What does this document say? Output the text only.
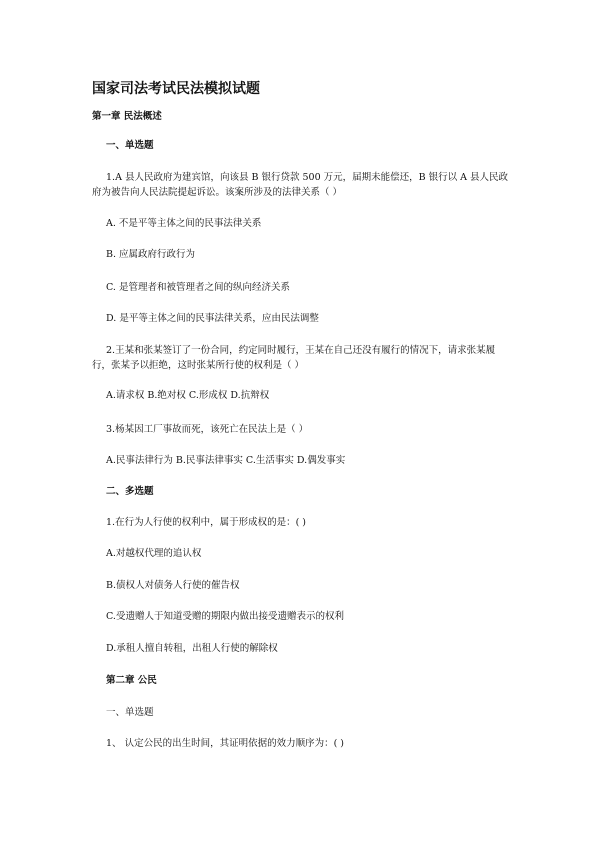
国家司法考试民法模拟试题
第一章 民法概述
一、单选题
1.A 县人民政府为建宾馆，向该县 B 银行贷款 500 万元，届期未能偿还，B 银行以 A 县人民政府为被告向人民法院提起诉讼。该案所涉及的法律关系（ ）
A. 不是平等主体之间的民事法律关系
B. 应属政府行政行为
C. 是管理者和被管理者之间的纵向经济关系
D. 是平等主体之间的民事法律关系，应由民法调整
2.王某和张某签订了一份合同，约定同时履行，王某在自己还没有履行的情况下，请求张某履行，张某予以拒绝，这时张某所行使的权利是（ ）
A.请求权 B.绝对权 C.形成权 D.抗辩权
3.杨某因工厂事故而死，该死亡在民法上是（ ）
A.民事法律行为 B.民事法律事实 C.生活事实 D.偶发事实
二、多选题
1.在行为人行使的权利中，属于形成权的是：( )
A.对越权代理的追认权
B.债权人对债务人行使的催告权
C.受遗赠人于知道受赠的期限内做出接受遗赠表示的权利
D.承租人擅自转租，出租人行使的解除权
第二章 公民
一、单选题
1、 认定公民的出生时间，其证明依据的效力顺序为：( )
